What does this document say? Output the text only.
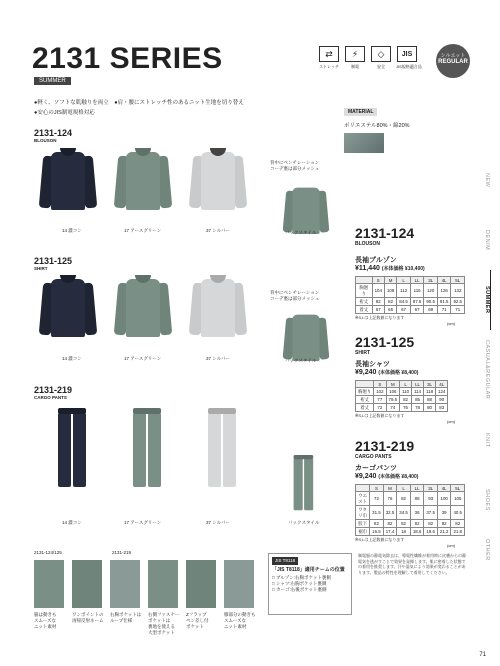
2131 SERIES
SUMMER
⇄
ストレッチ
⚡
制電
◇
安全
JIS
JIS規格適合品
シルエット
REGULAR
●軽く、ソフトな肌触りを両立　●肩・腰にストレッチ性のあるニット生地を切り替え
●安心のJIS制電規格対応	MATERIAL
ポリエステル80%・綿20%
2131-124
BLOUSON
14 濃コン	17 アースグリーン	37 シルバー
背中にベンチレーション
コーデ裏は部分メッシュ
バックスタイル
2131-125
SHIRT
14 濃コン	17 アースグリーン	37 シルバー
背中にベンチレーション
コーデ裏は部分メッシュ
バックスタイル
2131-219
CARGO PANTS
14 濃コン	17 アースグリーン	37 シルバー	バックスタイル
2131-124
BLOUSON
長袖ブルゾン
¥11,440 (本体価格 ¥10,400)
	S	M	L	LL	3L	4L	5L
胸廻り	104	108	112	116	120	126	132
裄丈	82	82	84.5	87.5	90.5	91.5	92.5
着丈	67	65	67	67	69	71	71
※S,Lは上記数値になります
(cm)
2131-125
SHIRT
長袖シャツ
¥9,240 (本体価格 ¥8,400)
	S	M	L	LL	3L	4L
胸廻り	102	106	110	114	118	124
裄丈	77	79.5	82	85	88	90
着丈	72	74	76	78	80	83
※S,Lは上記数値になります
(cm)
2131-219
CARGO PANTS
カーゴパンツ
¥9,240 (本体価格 ¥8,400)
	S	M	L	LL	3L	4L	5L
ウエスト	72	76	82	88	93	100	105
ワタリ巾	31.5	32.5	34.5	36	37.5	39	40.5
股下	82	82	82	82	82	82	82
裾巾	16.5	17.4	18	18.6	19.6	21.2	21.8
※S,Lは上記数値になります
(cm)
NEW
DENIM
SUMMER
CASUAL&REGULAR
KNIT
SHOES
OTHER
2131-124/125	2131-219
脇は動きも
スムーズな
ニット素材
ワンポイントの
再帰反射ネーム
右胸ポケットは
ループ仕様
右側ファスナー
ポケットは
裏地を使える
大型ポケット
Zフラップ
ペン差し付
ポケット
膝部分の動きも
スムーズな
ニット素材
JIS T8118
「JIS T8118」適用チームの位置
□ ブルゾン:右胸ポケット裏側
□ シャツ:右胸ポケット裏側
□ カーゴ:右後ポケット裏側
制電服の静電気除去は、導電性繊維が着用時に皮膚からの静電気を逃がすことで効果を発揮します。肌に密着した状態での着用を推奨します。汗や湿気により効果が変わることがあります。製品の特性を理解して着用してください。
71
